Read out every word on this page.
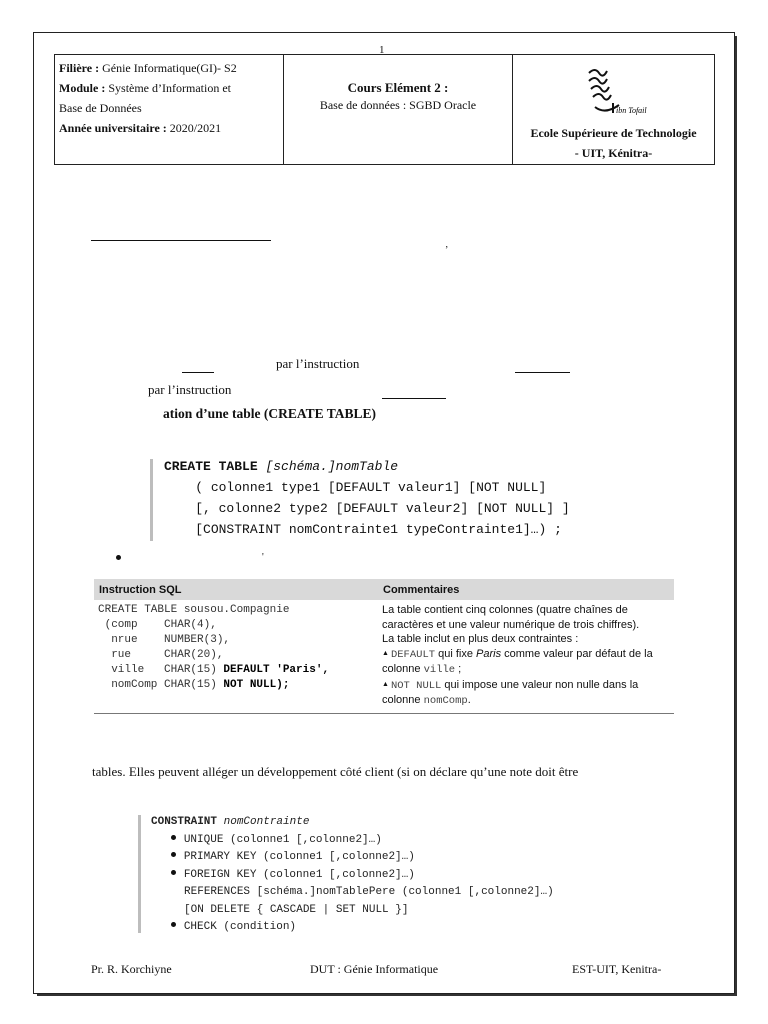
1
Filière : Génie Informatique(GI)- S2
Module : Système d’Information et
Base de Données
Année universitaire : 2020/2021
Cours Elément 2 :
Base de données : SGBD Oracle	ibn Tofail
Ecole Supérieure de Technologie
- UIT, Kénitra-
’
par l’instruction
par l’instruction
ation d’une table (CREATE TABLE)
CREATE TABLE [schéma.]nomTable
( colonne1 type1 [DEFAULT valeur1] [NOT NULL]
[, colonne2 type2 [DEFAULT valeur2] [NOT NULL] ]
[CONSTRAINT nomContrainte1 typeContrainte1]…) ;
'
Instruction SQL	Commentaires
CREATE TABLE sousou.Compagnie
(comp    CHAR(4),
nrue    NUMBER(3),
rue     CHAR(20),
ville   CHAR(15) DEFAULT 'Paris',
nomComp CHAR(15) NOT NULL);
La table contient cinq colonnes (quatre chaînes de caractères et une valeur numérique de trois chiffres).
La table inclut en plus deux contraintes :
▲ DEFAULT qui fixe Paris comme valeur par défaut de la colonne ville ;
▲ NOT NULL qui impose une valeur non nulle dans la colonne nomComp.
tables. Elles peuvent alléger un développement côté client (si on déclare qu’une note doit être
CONSTRAINT nomContrainte
UNIQUE (colonne1 [,colonne2]…)
PRIMARY KEY (colonne1 [,colonne2]…)
FOREIGN KEY (colonne1 [,colonne2]…)
REFERENCES [schéma.]nomTablePere (colonne1 [,colonne2]…)
[ON DELETE { CASCADE | SET NULL }]
CHECK (condition)
Pr. R. Korchiyne	DUT : Génie Informatique	EST-UIT, Kenitra-
